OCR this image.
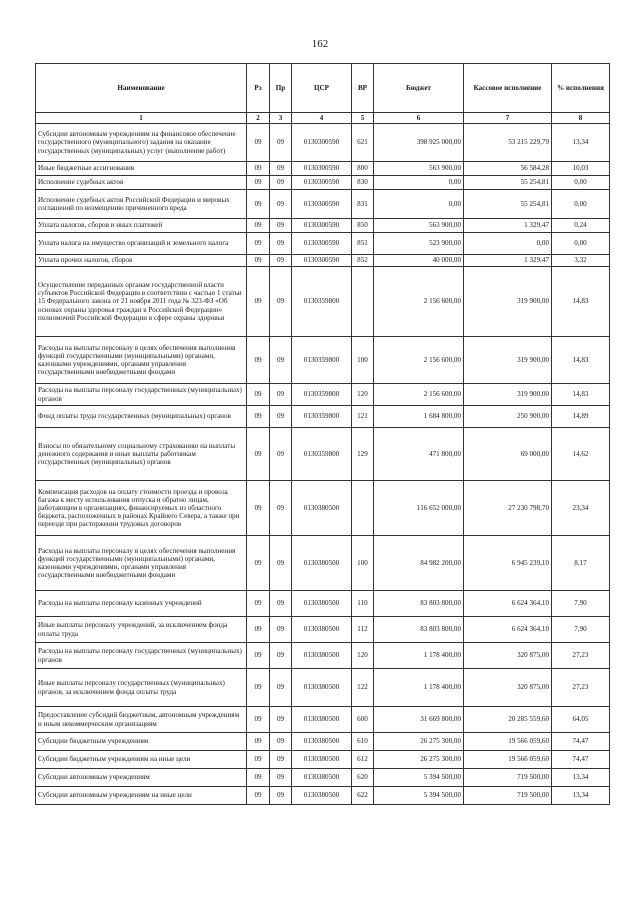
162
Наименование	Рз	Пр	ЦСР	ВР	Бюджет	Кассовое исполнение	% исполнения
1	2	3	4	5	6	7	8
Субсидии автономным учреждениям на финансовое обеспечение государственного (муниципального) задания на оказание государственных (муниципальных) услуг (выполнение работ)	09	09	0130300590	621	398 925 000,00	53 215 229,79	13,34
Иные бюджетные ассигнования	09	09	0130300590	800	563 900,00	56 584,28	10,03
Исполнение судебных актов	09	09	0130300590	830	0,00	55 254,81	0,00
Исполнение судебных актов Российской Федерации и мировых соглашений по возмещению причиненного вреда	09	09	0130300590	831	0,00	55 254,81	0,00
Уплата налогов, сборов и иных платежей	09	09	0130300590	850	563 900,00	1 329,47	0,24
Уплата налога на имущество организаций и земельного налога	09	09	0130300590	851	523 900,00	0,00	0,00
Уплата прочих налогов, сборов	09	09	0130300590	852	40 000,00	1 329,47	3,32
Осуществление переданных органам государственной власти субъектов Российской Федерации в соответствии с частью 1 статьи 15 Федерального закона от 21 ноября 2011 года № 323-ФЗ «Об основах охраны здоровья граждан в Российской Федерации» полномочий Российской Федерации в сфере охраны здоровья	09	09	0130359800		2 156 600,00	319 900,00	14,83
Расходы на выплаты персоналу в целях обеспечения выполнения функций государственными (муниципальными) органами, казенными учреждениями, органами управления государственными внебюджетными фондами	09	09	0130359800	100	2 156 600,00	319 900,00	14,83
Расходы на выплаты персоналу государственных (муниципальных) органов	09	09	0130359800	120	2 156 600,00	319 900,00	14,83
Фонд оплаты труда государственных (муниципальных) органов	09	09	0130359800	121	1 684 800,00	250 900,00	14,89
Взносы по обязательному социальному страхованию на выплаты денежного содержания и иные выплаты работникам государственных (муниципальных) органов	09	09	0130359800	129	471 800,00	69 000,00	14,62
Компенсация расходов на оплату стоимости проезда и провоза багажа к месту использования отпуска и обратно лицам, работающим в организациях, финансируемых из областного бюджета, расположенных в районах Крайнего Севера, а также при переезде при расторжении трудовых договоров	09	09	0130380500		116 652 000,00	27 230 798,70	23,34
Расходы на выплаты персоналу в целях обеспечения выполнения функций государственными (муниципальными) органами, казенными учреждениями, органами управления государственными внебюджетными фондами	09	09	0130380500	100	84 982 200,00	6 945 239,10	8,17
Расходы на выплаты персоналу казенных учреждений	09	09	0130380500	110	83 803 800,00	6 624 364,10	7,90
Иные выплаты персоналу учреждений, за исключением фонда оплаты труда	09	09	0130380500	112	83 803 800,00	6 624 364,10	7,90
Расходы на выплаты персоналу государственных (муниципальных) органов	09	09	0130380500	120	1 178 400,00	320 875,00	27,23
Иные выплаты персоналу государственных (муниципальных) органов, за исключением фонда оплаты труда	09	09	0130380500	122	1 178 400,00	320 875,00	27,23
Предоставление субсидий бюджетным, автономным учреждениям и иным некоммерческим организациям	09	09	0130380500	600	31 669 800,00	20 285 559,60	64,05
Субсидии бюджетным учреждениям	09	09	0130380500	610	26 275 300,00	19 566 059,60	74,47
Субсидии бюджетным учреждениям на иные цели	09	09	0130380500	612	26 275 300,00	19 566 059,60	74,47
Субсидии автономным учреждениям	09	09	0130380500	620	5 394 500,00	719 500,00	13,34
Субсидии автономным учреждениям на иные цели	09	09	0130380500	622	5 394 500,00	719 500,00	13,34
